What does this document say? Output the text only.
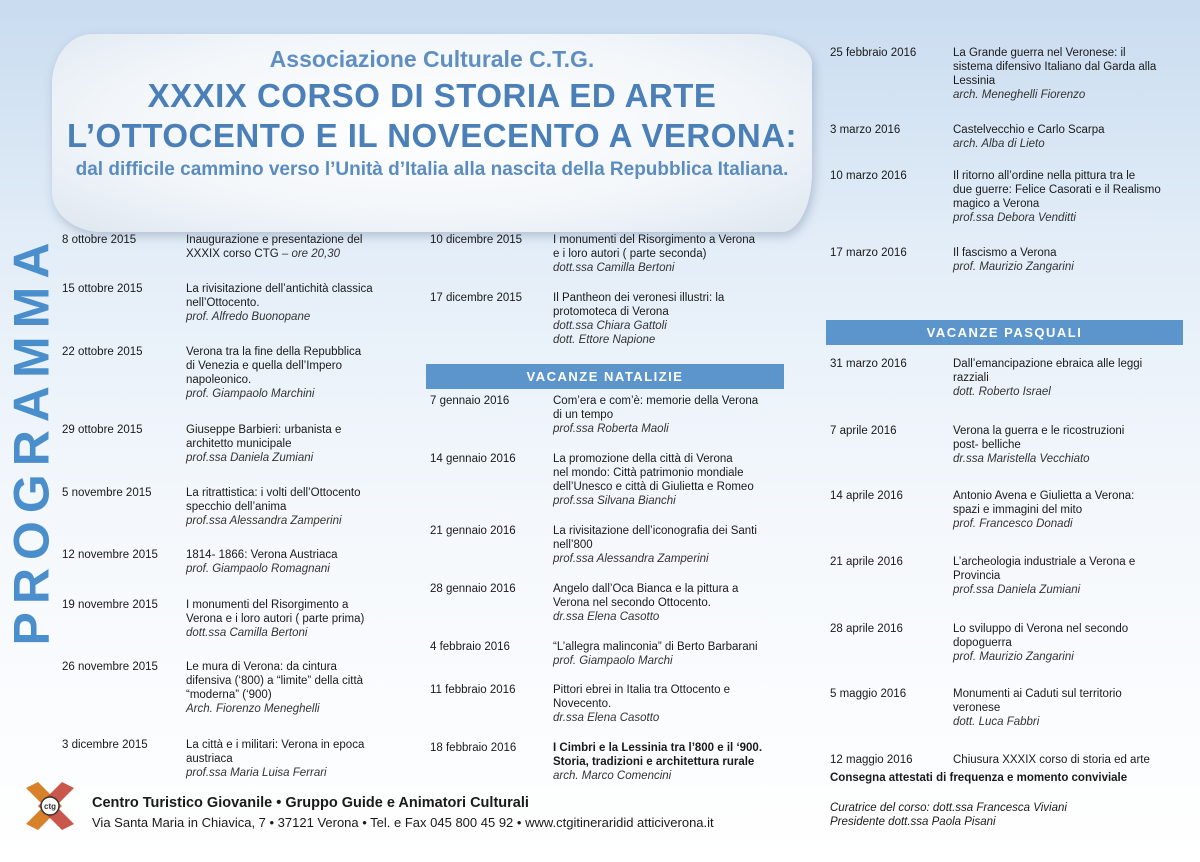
Associazione Culturale C.T.G.
XXXIX CORSO DI STORIA ED ARTE
L’OTTOCENTO E IL NOVECENTO A VERONA:
dal difficile cammino verso l’Unità d’Italia alla nascita della Repubblica Italiana.
PROGRAMMA 8 ottobre 2015	Inaugurazione e presentazione del
XXXIX corso CTG – ore 20,30
15 ottobre 2015	La rivisitazione dell’antichità classica
nell’Ottocento.
prof. Alfredo Buonopane
22 ottobre 2015	Verona tra la fine della Repubblica
di Venezia e quella dell’Impero
napoleonico.
prof. Giampaolo Marchini
29 ottobre 2015	Giuseppe Barbieri: urbanista e
architetto municipale
prof.ssa Daniela Zumiani
5 novembre 2015	La ritrattistica: i volti dell’Ottocento
specchio dell’anima
prof.ssa Alessandra Zamperini
12 novembre 2015 1814- 1866: Verona Austriaca
prof. Giampaolo Romagnani
19 novembre 2015 I monumenti del Risorgimento a
Verona e i loro autori ( parte prima)
dott.ssa Camilla Bertoni
26 novembre 2015 Le mura di Verona: da cintura
difensiva (‘800) a “limite” della città
“moderna” (‘900)
Arch. Fiorenzo Meneghelli
3 dicembre 2015	La città e i militari: Verona in epoca
austriaca
prof.ssa Maria Luisa Ferrari
10 dicembre 2015	I monumenti del Risorgimento a Verona
e i loro autori ( parte seconda)
dott.ssa Camilla Bertoni
17 dicembre 2015	Il Pantheon dei veronesi illustri: la
protomoteca di Verona
dott.ssa Chiara Gattoli
dott. Ettore Napione
7 gennaio 2016	Com’era e com’è: memorie della Verona
di un tempo
prof.ssa Roberta Maoli
14 gennaio 2016	La promozione della città di Verona
nel mondo: Città patrimonio mondiale
dell’Unesco e città di Giulietta e Romeo
prof.ssa Silvana Bianchi
21 gennaio 2016	La rivisitazione dell’iconografia dei Santi
nell’800
prof.ssa Alessandra Zamperini
28 gennaio 2016	Angelo dall’Oca Bianca e la pittura a
Verona nel secondo Ottocento.
dr.ssa Elena Casotto
4 febbraio 2016	“L’allegra malinconia” di Berto Barbarani
prof. Giampaolo Marchi
11 febbraio 2016	Pittori ebrei in Italia tra Ottocento e
Novecento.
dr.ssa Elena Casotto
18 febbraio 2016	I Cimbri e la Lessinia tra l’800 e il ‘900.
Storia, tradizioni e architettura rurale
arch. Marco Comencini
25 febbraio 2016	La Grande guerra nel Veronese: il
sistema difensivo Italiano dal Garda alla
Lessinia
arch. Meneghelli Fiorenzo
3 marzo 2016	Castelvecchio e Carlo Scarpa
arch. Alba di Lieto
10 marzo 2016	Il ritorno all’ordine nella pittura tra le
due guerre: Felice Casorati e il Realismo
magico a Verona
prof.ssa Debora Venditti
17 marzo 2016	Il fascismo a Verona
prof. Maurizio Zangarini
31 marzo 2016	Dall’emancipazione ebraica alle leggi
razziali
dott. Roberto Israel
7 aprile 2016	Verona la guerra e le ricostruzioni
post- belliche
dr.ssa Maristella Vecchiato
14 aprile 2016	Antonio Avena e Giulietta a Verona:
spazi e immagini del mito
prof. Francesco Donadi
21 aprile 2016	L’archeologia industriale a Verona e
Provincia
prof.ssa Daniela Zumiani
28 aprile 2016	Lo sviluppo di Verona nel secondo
dopoguerra
prof. Maurizio Zangarini
5 maggio 2016	Monumenti ai Caduti sul territorio
veronese
dott. Luca Fabbri
VACANZE NATALIZIE
VACANZE PASQUALI
12 maggio 2016	Chiusura XXXIX corso di storia ed arte
Consegna attestati di frequenza e momento conviviale
Curatrice del corso: dott.ssa Francesca Viviani
Presidente dott.ssa Paola Pisani
ctg Centro Turistico Giovanile • Gruppo Guide e Animatori Culturali
Via Santa Maria in Chiavica, 7 • 37121 Verona • Tel. e Fax 045 800 45 92 • www.ctgitineraridid atticiverona.it
